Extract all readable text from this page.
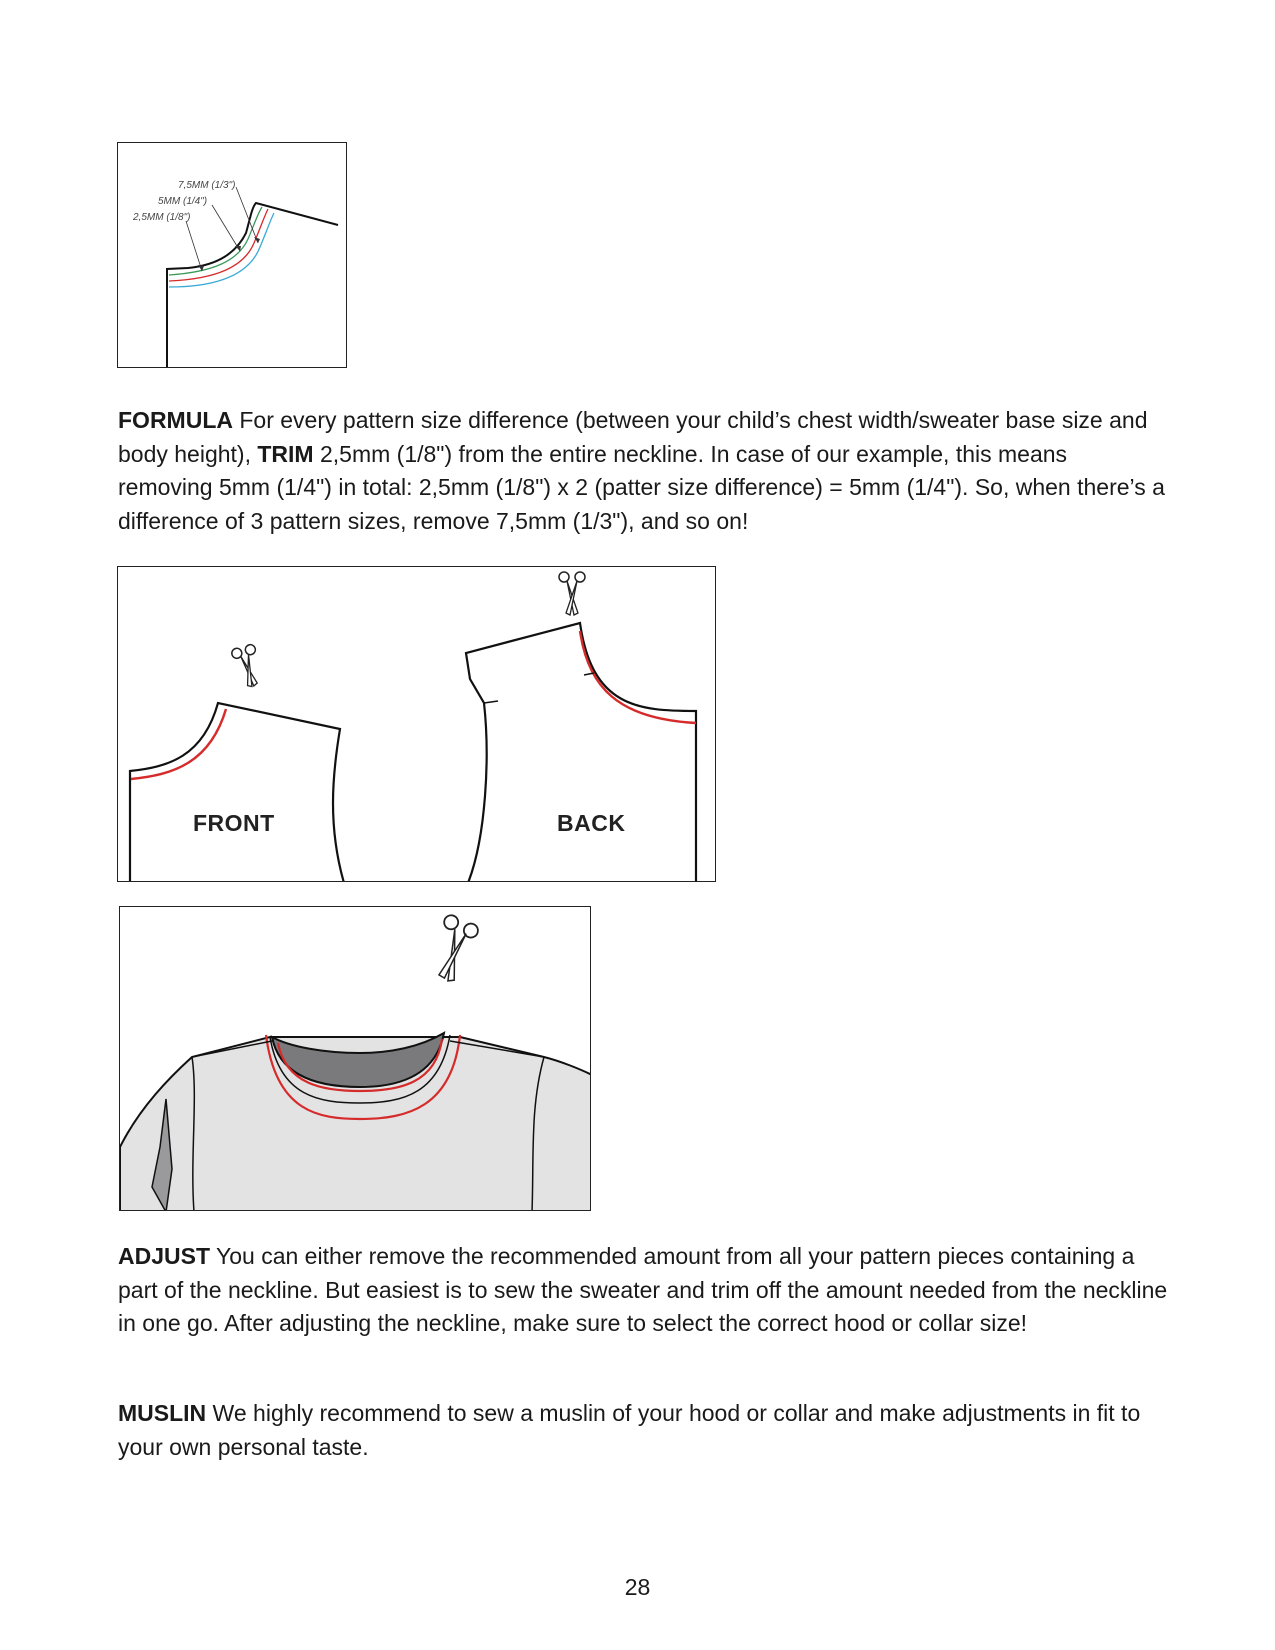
7,5MM (1/3")
5MM (1/4")
2,5MM (1/8")
FORMULA For every pattern size difference (between your child’s chest width/sweater base size and body height), TRIM 2,5mm (1/8") from the entire neckline. In case of our example, this means removing 5mm (1/4") in total: 2,5mm (1/8") x 2 (patter size difference) = 5mm (1/4"). So, when there’s a difference of 3 pattern sizes, remove 7,5mm (1/3"), and so on!
FRONT	BACK
ADJUST You can either remove the recommended amount from all your pattern pieces containing a part of the neckline. But easiest is to sew the sweater and trim off the amount needed from the neckline in one go. After adjusting the neckline, make sure to select the correct hood or collar size!
MUSLIN We highly recommend to sew a muslin of your hood or collar and make adjustments in fit to your own personal taste.
28
